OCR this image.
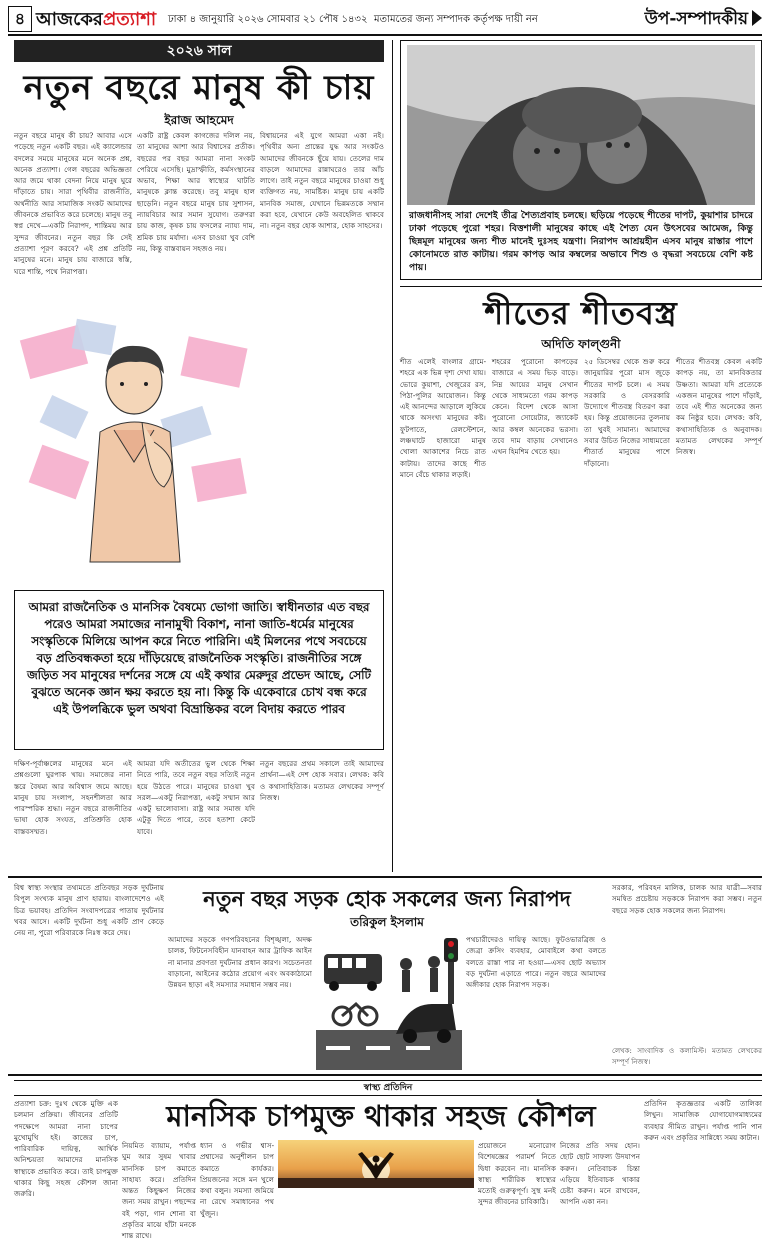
৪ আজকেরপ্রত্যাশা ঢাকা ৪ জানুয়ারি ২০২৬ সোমবার ২১ পৌষ ১৪৩২ মতামতের জন্য সম্পাদক কর্তৃপক্ষ দায়ী নন	উপ-সম্পাদকীয়
২০২৬ সাল
নতুন বছরে মানুষ কী চায়
ইরাজ আহমেদ
নতুন বছরে মানুষ কী চায়? আবার এসে পড়েছে নতুন একটি বছর। এই ক্যালেন্ডার বদলের সময়ে মানুষের মনে অনেক প্রশ্ন, অনেক প্রত্যাশা। গেল বছরের অভিজ্ঞতা আর জমে থাকা বেদনা নিয়ে মানুষ ঘুরে দাঁড়াতে চায়। সারা পৃথিবীর রাজনীতি, অর্থনীতি আর সামাজিক সংকট আমাদের জীবনকে প্রভাবিত করে চলেছে। মানুষ তবু স্বপ্ন দেখে—একটি নিরাপদ, শান্তিময় আর সুন্দর জীবনের। নতুন বছর কি সেই প্রত্যাশা পূরণ করবে? এই প্রশ্ন প্রতিটি মানুষের মনে। মানুষ চায় বাজারে স্বস্তি, ঘরে শান্তি, পথে নিরাপত্তা।
একটি রাষ্ট্র কেবল কাগজের দলিল নয়, তা মানুষের আশা আর বিশ্বাসের প্রতীক। বছরের পর বছর আমরা নানা সংকট পেরিয়ে এসেছি। মুদ্রাস্ফীতি, কর্মসংস্থানের অভাব, শিক্ষা আর স্বাস্থ্যের ঘাটতি মানুষকে ক্লান্ত করেছে। তবু মানুষ হাল ছাড়েনি। নতুন বছরে মানুষ চায় সুশাসন, ন্যায়বিচার আর সমান সুযোগ। তরুণরা চায় কাজ, কৃষক চায় ফসলের ন্যায্য দাম, শ্রমিক চায় মর্যাদা। এসব চাওয়া খুব বেশি নয়, কিন্তু বাস্তবায়ন সহজও নয়।
বিশ্বায়নের এই যুগে আমরা একা নই। পৃথিবীর অন্য প্রান্তের যুদ্ধ আর সংকটও আমাদের জীবনকে ছুঁয়ে যায়। তেলের দাম বাড়লে আমাদের রান্নাঘরেও তার আঁচ লাগে। তাই নতুন বছরে মানুষের চাওয়া শুধু ব্যক্তিগত নয়, সামষ্টিক। মানুষ চায় একটি মানবিক সমাজ, যেখানে ভিন্নমতকে সম্মান করা হবে, যেখানে কেউ অবহেলিত থাকবে না। নতুন বছর হোক আশার, হোক সাহসের।
আমরা রাজনৈতিক ও মানসিক বৈষম্যে ভোগা জাতি। স্বাধীনতার এত বছর পরেও আমরা সমাজের নানামুখী বিকাশ, নানা জাতি-ধর্মের মানুষের সংস্কৃতিকে মিলিয়ে আপন করে নিতে পারিনি। এই মিলনের পথে সবচেয়ে বড় প্রতিবন্ধকতা হয়ে দাঁড়িয়েছে রাজনৈতিক সংস্কৃতি। রাজনীতির সঙ্গে জড়িত সব মানুষের দর্শনের সঙ্গে যে এই কথার মেরুদূর প্রভেদ আছে, সেটি বুঝতে অনেক জ্ঞান ক্ষয় করতে হয় না। কিন্তু কি একেবারে চোখ বন্ধ করে এই উপলব্ধিকে ভুল অথবা বিভ্রান্তিকর বলে বিদায় করতে পারব
দক্ষিণ-পূর্বাঞ্চলের মানুষের মনে এই প্রশ্নগুলো ঘুরপাক খায়। সমাজের নানা স্তরে বৈষম্য আর অবিশ্বাস জমে আছে। মানুষ চায় সংলাপ, সহনশীলতা আর পারস্পরিক শ্রদ্ধা। নতুন বছরে রাজনীতির ভাষা হোক সংযত, প্রতিশ্রুতি হোক বাস্তবসম্মত।
আমরা যদি অতীতের ভুল থেকে শিক্ষা নিতে পারি, তবে নতুন বছর সত্যিই নতুন হয়ে উঠতে পারে। মানুষের চাওয়া খুব সরল—একটু নিরাপত্তা, একটু সম্মান আর একটু ভালোবাসা। রাষ্ট্র আর সমাজ যদি এটুকু দিতে পারে, তবে হতাশা কেটে যাবে।
নতুন বছরের প্রথম সকালে তাই আমাদের প্রার্থনা—এই দেশ হোক সবার। লেখক: কবি ও কথাসাহিত্যিক। মতামত লেখকের সম্পূর্ণ নিজস্ব।
রাজধানীসহ সারা দেশেই তীব্র শৈত্যপ্রবাহ চলছে। ছড়িয়ে পড়েছে শীতের দাপট, কুয়াশার চাদরে ঢাকা পড়েছে পুরো শহর। বিত্তশালী মানুষের কাছে এই শৈত্য যেন উৎসবের আমেজ, কিন্তু ছিন্নমূল মানুষের জন্য শীত মানেই দুঃসহ যন্ত্রণা। নিরাপদ আশ্রয়হীন এসব মানুষ রাস্তার পাশে কোনোমতে রাত কাটায়। গরম কাপড় আর কম্বলের অভাবে শিশু ও বৃদ্ধরা সবচেয়ে বেশি কষ্ট পায়।
শীতের শীতবস্ত্র
অদিতি ফাল্গুনী
শীত এলেই বাংলার গ্রামে-শহরে এক ভিন্ন দৃশ্য দেখা যায়। ভোরে কুয়াশা, খেজুরের রস, পিঠা-পুলির আয়োজন। কিন্তু এই আনন্দের আড়ালে লুকিয়ে থাকে অসংখ্য মানুষের কষ্ট। ফুটপাতে, রেলস্টেশনে, লঞ্চঘাটে হাজারো মানুষ খোলা আকাশের নিচে রাত কাটায়। তাদের কাছে শীত মানে বেঁচে থাকার লড়াই।
শহরের পুরোনো কাপড়ের বাজারে এ সময় ভিড় বাড়ে। নিম্ন আয়ের মানুষ সেখান থেকে সাধ্যমতো গরম কাপড় কেনে। বিদেশ থেকে আসা পুরোনো সোয়েটার, জ্যাকেট আর কম্বল অনেকের ভরসা। তবে দাম বাড়ায় সেখানেও এখন হিমশিম খেতে হয়।
২৫ ডিসেম্বর থেকে শুরু করে জানুয়ারির পুরো মাস জুড়ে শীতের দাপট চলে। এ সময় সরকারি ও বেসরকারি উদ্যোগে শীতবস্ত্র বিতরণ করা হয়। কিন্তু প্রয়োজনের তুলনায় তা খুবই সামান্য। আমাদের সবার উচিত নিজের সাধ্যমতো শীতার্ত মানুষের পাশে দাঁড়ানো।
শীতের শীতবস্ত্র কেবল একটি কাপড় নয়, তা মানবিকতার উষ্ণতা। আমরা যদি প্রত্যেকে একজন মানুষের পাশে দাঁড়াই, তবে এই শীত অনেকের জন্য কম নিষ্ঠুর হবে। লেখক: কবি, কথাসাহিত্যিক ও অনুবাদক। মতামত লেখকের সম্পূর্ণ নিজস্ব।
বিশ্ব স্বাস্থ্য সংস্থার তথ্যমতে প্রতিবছর সড়ক দুর্ঘটনায় বিপুল সংখ্যক মানুষ প্রাণ হারায়। বাংলাদেশেও এই চিত্র ভয়াবহ। প্রতিদিন সংবাদপত্রের পাতায় দুর্ঘটনার খবর আসে। একটি দুর্ঘটনা শুধু একটি প্রাণ কেড়ে নেয় না, পুরো পরিবারকে নিঃস্ব করে দেয়।
নতুন বছর সড়ক হোক সকলের জন্য নিরাপদ
তরিকুল ইসলাম
আমাদের সড়কে গণপরিবহনের বিশৃঙ্খলা, অদক্ষ চালক, ফিটনেসবিহীন যানবাহন আর ট্রাফিক আইন না মানার প্রবণতা দুর্ঘটনার প্রধান কারণ। সচেতনতা বাড়ানো, আইনের কঠোর প্রয়োগ এবং অবকাঠামো উন্নয়ন ছাড়া এই সমস্যার সমাধান সম্ভব নয়।
পথচারীদেরও দায়িত্ব আছে। ফুটওভারব্রিজ ও জেব্রা ক্রসিং ব্যবহার, মোবাইলে কথা বলতে বলতে রাস্তা পার না হওয়া—এসব ছোট অভ্যাস বড় দুর্ঘটনা এড়াতে পারে। নতুন বছরে আমাদের অঙ্গীকার হোক নিরাপদ সড়ক।
সরকার, পরিবহন মালিক, চালক আর যাত্রী—সবার সমন্বিত প্রচেষ্টায় সড়ককে নিরাপদ করা সম্ভব। নতুন বছরে সড়ক হোক সকলের জন্য নিরাপদ।
লেখক: সাংবাদিক ও কলামিস্ট। মতামত লেখকের সম্পূর্ণ নিজস্ব।
স্বাস্থ্য প্রতিদিন
প্রত্যাশা চক্র: দুঃখ থেকে মুক্তি এক চলমান প্রক্রিয়া। জীবনের প্রতিটি পদক্ষেপে আমরা নানা চাপের মুখোমুখি হই। কাজের চাপ, পারিবারিক দায়িত্ব, আর্থিক অনিশ্চয়তা আমাদের মানসিক স্বাস্থ্যকে প্রভাবিত করে। তাই চাপমুক্ত থাকার কিছু সহজ কৌশল জানা জরুরি।
মানসিক চাপমুক্ত থাকার সহজ কৌশল	প্রতিদিন কৃতজ্ঞতার একটি তালিকা লিখুন। সামাজিক যোগাযোগমাধ্যমের ব্যবহার সীমিত রাখুন। পর্যাপ্ত পানি পান করুন এবং প্রকৃতির সান্নিধ্যে সময় কাটান।
নিয়মিত ব্যায়াম, পর্যাপ্ত ঘুম আর সুষম খাবার মানসিক চাপ কমাতে সাহায্য করে। প্রতিদিন অন্তত কিছুক্ষণ নিজের জন্য সময় রাখুন। পছন্দের বই পড়া, গান শোনা বা প্রকৃতির মাঝে হাঁটা মনকে শান্ত রাখে।
ধ্যান ও গভীর শ্বাস-প্রশ্বাসের অনুশীলন চাপ কমাতে কার্যকর। প্রিয়জনের সঙ্গে মন খুলে কথা বলুন। সমস্যা জমিয়ে না রেখে সমাধানের পথ খুঁজুন।
প্রয়োজনে মনোরোগ বিশেষজ্ঞের পরামর্শ নিতে দ্বিধা করবেন না। মানসিক স্বাস্থ্য শারীরিক স্বাস্থ্যের মতোই গুরুত্বপূর্ণ। সুস্থ মনই সুন্দর জীবনের চাবিকাঠি।
নিজের প্রতি সদয় হোন। ছোট ছোট সাফল্য উদযাপন করুন। নেতিবাচক চিন্তা এড়িয়ে ইতিবাচক থাকার চেষ্টা করুন। মনে রাখবেন, আপনি একা নন।
